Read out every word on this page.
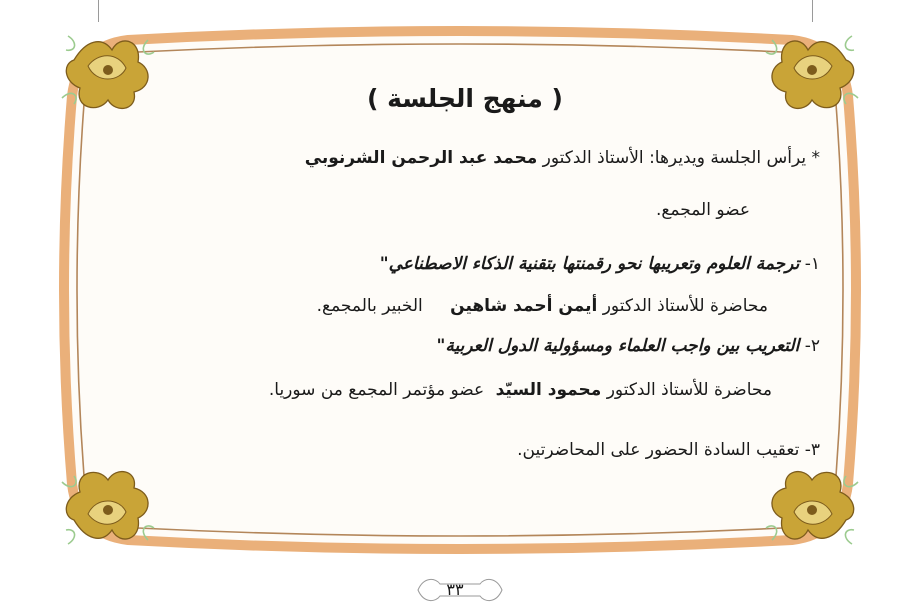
( منهج الجلسة )
* يرأس الجلسة ويديرها: الأستاذ الدكتور محمد عبد الرحمن الشرنوبي
عضو المجمع.
١- ترجمة العلوم وتعريبها نحو رقمنتها بتقنية الذكاء الاصطناعي"
محاضرة للأستاذ الدكتور أيمن أحمد شاهين الخبير بالمجمع.
٢- التعريب بين واجب العلماء ومسؤولية الدول العربية"
محاضرة للأستاذ الدكتور محمود السيّد عضو مؤتمر المجمع من سوريا.
٣- تعقيب السادة الحضور على المحاضرتين.
٣٣
